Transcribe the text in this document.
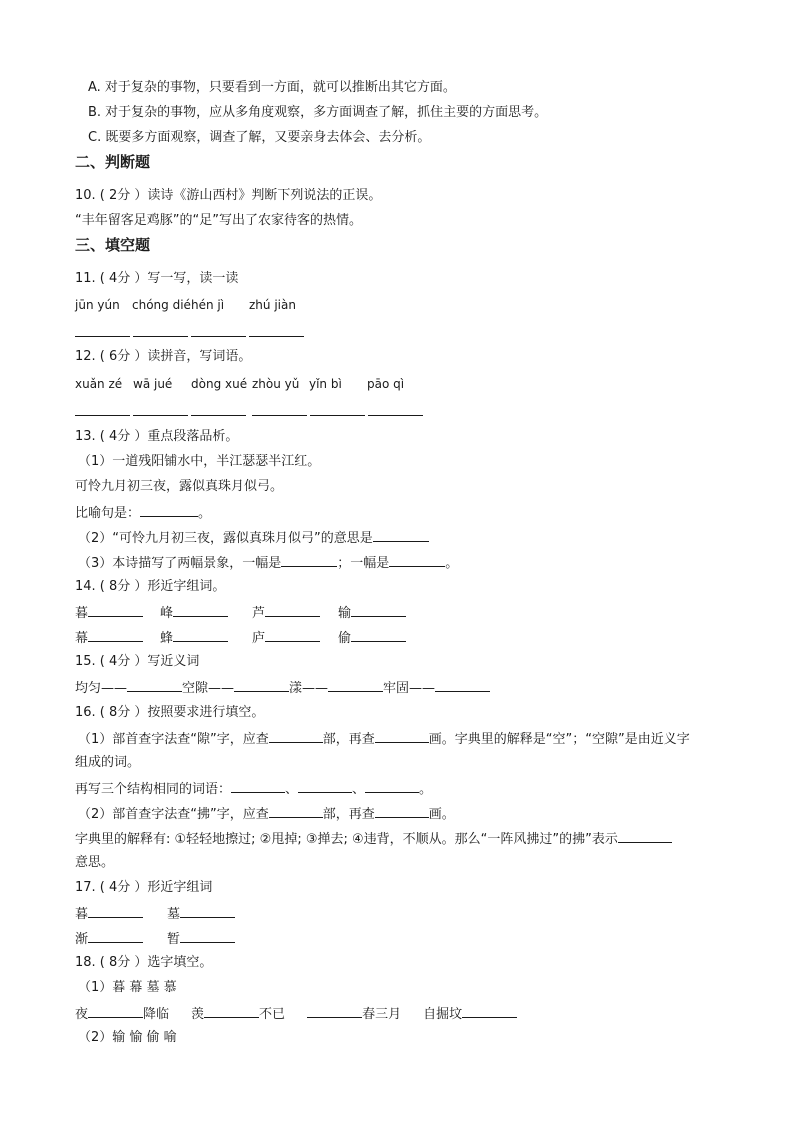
A. 对于复杂的事物，只要看到一方面，就可以推断出其它方面。
B. 对于复杂的事物，应从多角度观察，多方面调查了解，抓住主要的方面思考。
C. 既要多方面观察，调查了解，又要亲身去体会、去分析。
二、判断题
10. ( 2分 ）读诗《游山西村》判断下列说法的正误。
“丰年留客足鸡豚”的“足”写出了农家待客的热情。
三、填空题
11. ( 4分 ）写一写，读一读
jūn yún chóng dié hén jì zhú jiàn
12. ( 6分 ）读拼音，写词语。
xuǎn zé wā jué dòng xué zhòu yǔ yǐn bì pāo qì
13. ( 4分 ）重点段落品析。
（1）一道残阳铺水中，半江瑟瑟半江红。
可怜九月初三夜，露似真珠月似弓。
比喻句是：	。
（2）“可怜九月初三夜，露似真珠月似弓”的意思是
（3）本诗描写了两幅景象，一幅是	；一幅是	。
14. ( 8分 ）形近字组词。
暮	峰	芦	输
幕	蜂	庐	偷
15. ( 4分 ）写近义词
均匀——	空隙——	漾——	牢固——
16. ( 8分 ）按照要求进行填空。
（1）部首查字法查“隙”字，应查	部，再查	画。字典里的解释是“空”；“空隙”是由近义字
组成的词。
再写三个结构相同的词语：	、	、	。
（2）部首查字法查“拂”字，应查	部，再查	画。
字典里的解释有: ①轻轻地擦过; ②甩掉; ③掸去; ④违背，不顺从。那么“一阵风拂过”的拂”表示
意思。
17. ( 4分 ）形近字组词
暮	墓
渐	暂
18. ( 8分 ）选字填空。
（1）暮 幕 墓 慕
夜	降临 羡	不已	春三月 自掘坟
（2）输 愉 偷 喻
